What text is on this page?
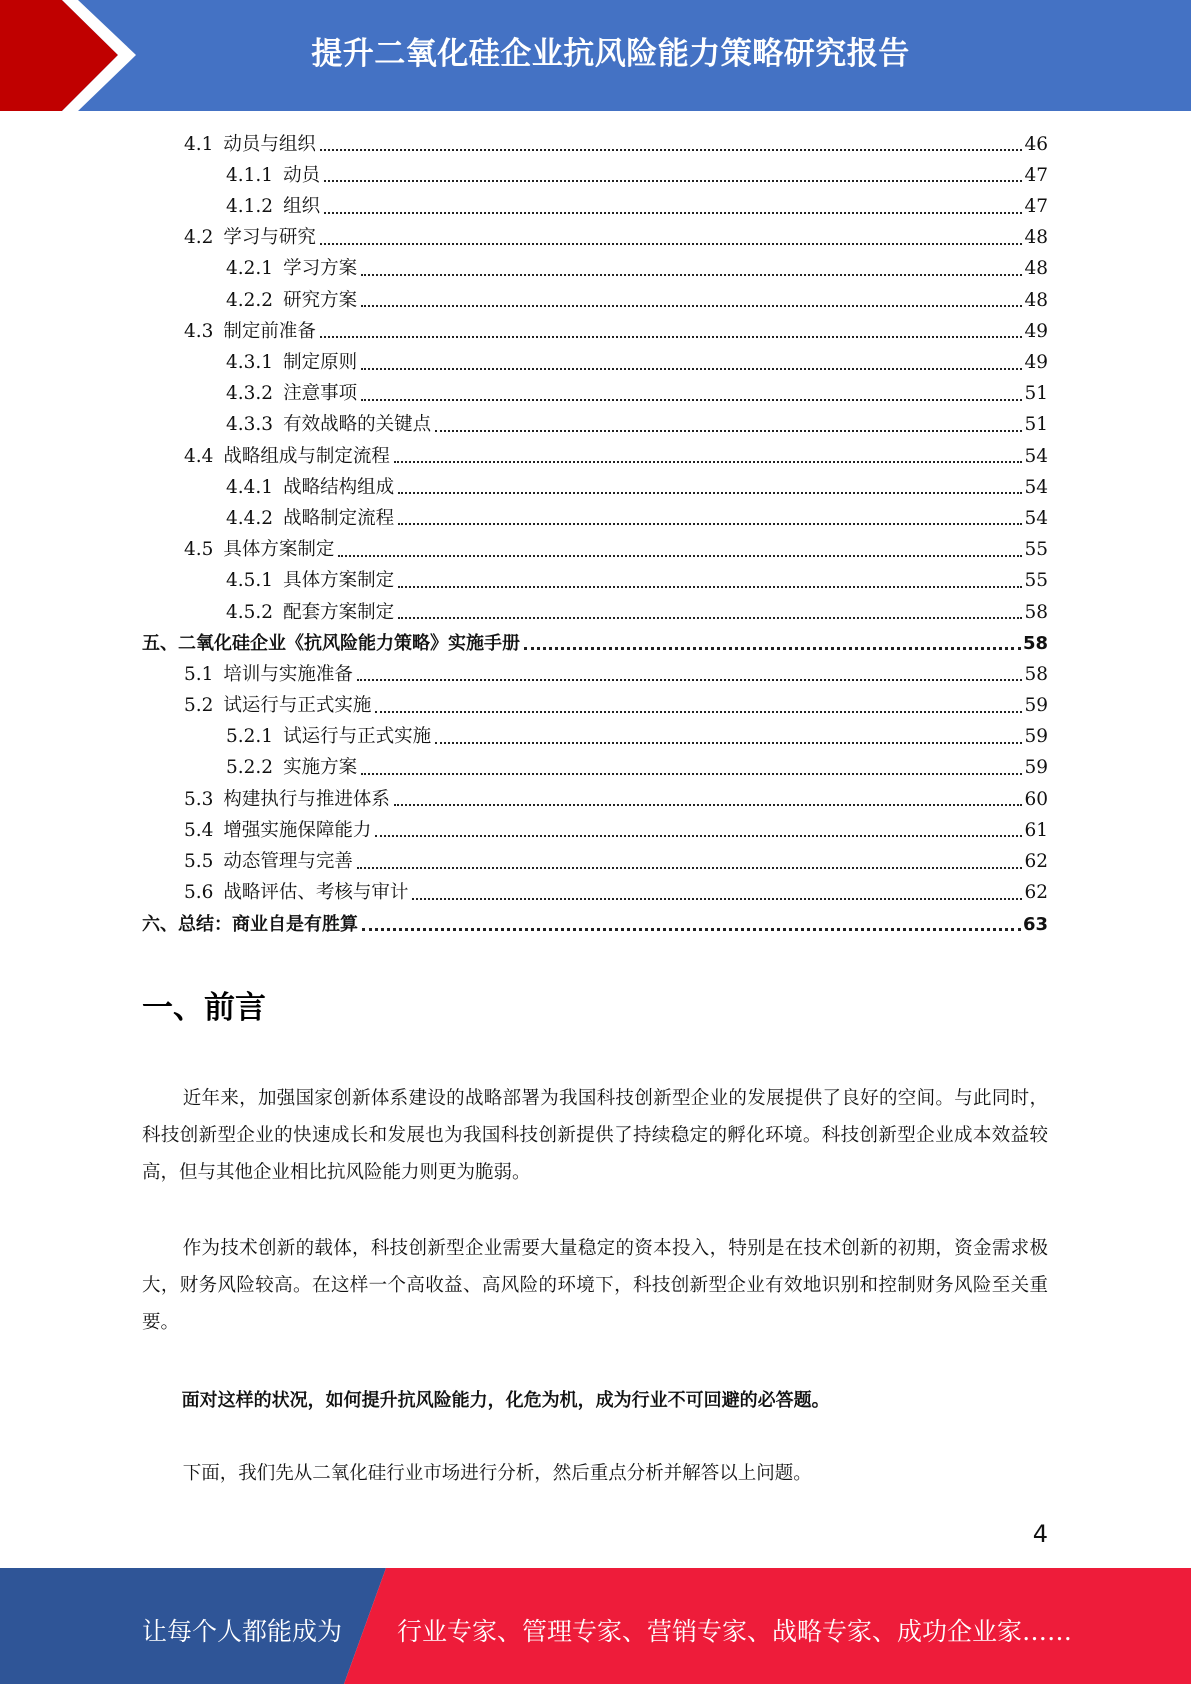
提升二氧化硅企业抗风险能力策略研究报告
4.1 动员与组织	46
4.1.1 动员	47
4.1.2 组织	47
4.2 学习与研究	48
4.2.1 学习方案	48
4.2.2 研究方案	48
4.3 制定前准备	49
4.3.1 制定原则	49
4.3.2 注意事项	51
4.3.3 有效战略的关键点	51
4.4 战略组成与制定流程	54
4.4.1 战略结构组成	54
4.4.2 战略制定流程	54
4.5 具体方案制定	55
4.5.1 具体方案制定	55
4.5.2 配套方案制定	58
五、 二氧化硅企业《抗风险能力策略》实施手册	58
5.1 培训与实施准备	58
5.2 试运行与正式实施	59
5.2.1 试运行与正式实施	59
5.2.2 实施方案	59
5.3 构建执行与推进体系	60
5.4 增强实施保障能力	61
5.5 动态管理与完善	62
5.6 战略评估、考核与审计	62
六、 总结：商业自是有胜算	63
一、前言

近年来，加强国家创新体系建设的战略部署为我国科技创新型企业的发展提供了良好的空间。与此同时，科技创新型企业的快速成长和发展也为我国科技创新提供了持续稳定的孵化环境。科技创新型企业成本效益较高，但与其他企业相比抗风险能力则更为脆弱。

作为技术创新的载体，科技创新型企业需要大量稳定的资本投入，特别是在技术创新的初期，资金需求极大，财务风险较高。在这样一个高收益、高风险的环境下，科技创新型企业有效地识别和控制财务风险至关重要。

面对这样的状况，如何提升抗风险能力，化危为机，成为行业不可回避的必答题。

下面，我们先从二氧化硅行业市场进行分析，然后重点分析并解答以上问题。

4
让每个人都能成为 行业专家、管理专家、营销专家、战略专家、成功企业家……
